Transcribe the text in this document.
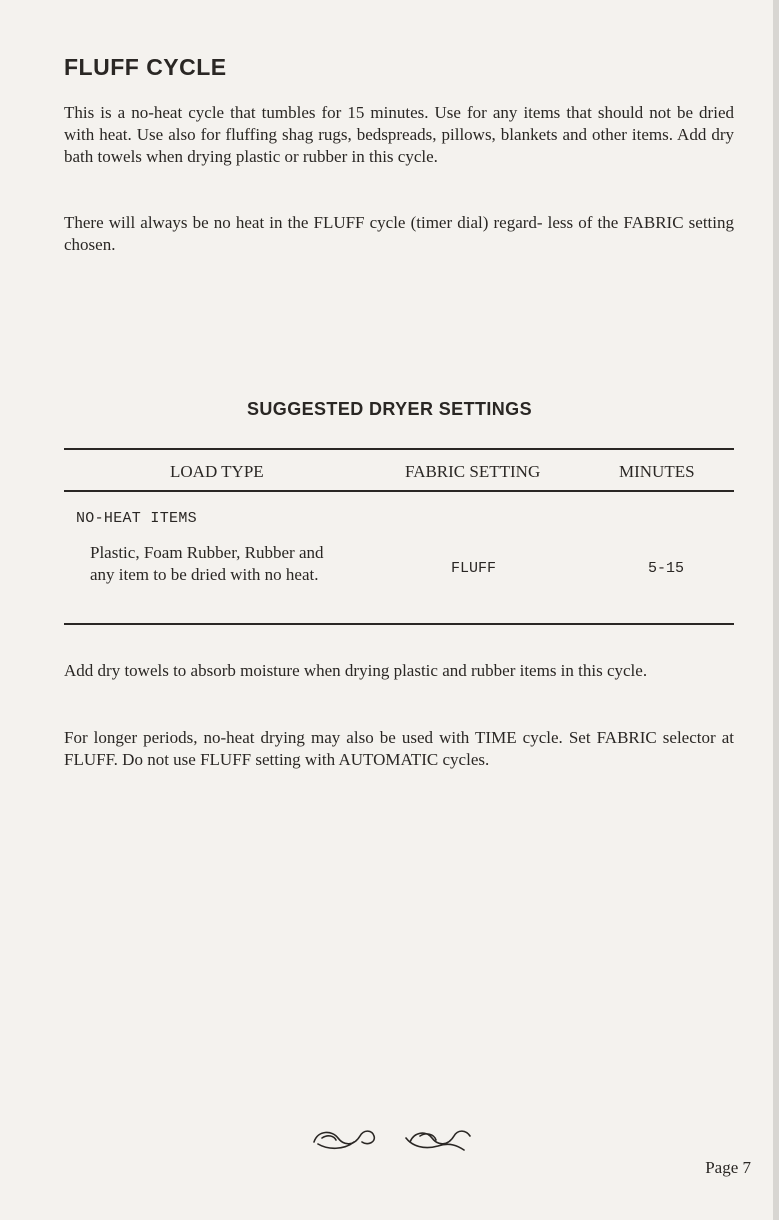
FLUFF CYCLE

This is a no-heat cycle that tumbles for 15 minutes. Use for any items that should not be dried with heat. Use also for fluffing shag rugs, bedspreads, pillows, blankets and other items. Add dry bath towels when drying plastic or rubber in this cycle.

There will always be no heat in the FLUFF cycle (timer dial) regard- less of the FABRIC setting chosen.

SUGGESTED DRYER SETTINGS
LOAD TYPE	FABRIC SETTING	MINUTES
NO-HEAT ITEMS
Plastic, Foam Rubber, Rubber and any item to be dried with no heat.	FLUFF	5-15

Add dry towels to absorb moisture when drying plastic and rubber items in this cycle.

For longer periods, no-heat drying may also be used with TIME cycle. Set FABRIC selector at FLUFF. Do not use FLUFF setting with AUTOMATIC cycles.

Page 7
